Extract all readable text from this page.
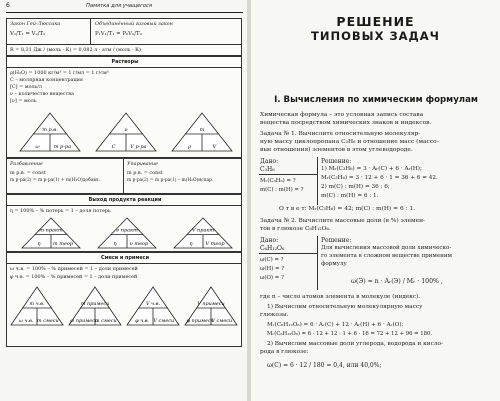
6	Памятка для учащегося
Закон Гей-Люссака
V₁/T₁ = V₂/T₂
Объединённый газовый закон
P₁V₁/T₁ = P₀V₀/T₀
R = 8,31 Дж / (моль · К) = 0,082 л · атм / (моль · К)
Растворы
ρ(H₂O) = 1000 кг/м³ = 1 г/мл = 1 г/см³
C – молярная концентрация
[C] = моль/л
ν – количество вещества
[ν] = моль
m р.в.
ω	m р-ра
ν
C	V р-ра
m
ρ	V
Разбавление
m р.в. = const
m р-ра(2) = m р-ра(1) + m(H₂O)добавл.
Упаривание
m р.в. = const
m р-ра(2) = m р-ра(1) – m(H₂O)испар.
Выход продукта реакции
η = 100% – % потерь = 1 – доля потерь
m практ
η m теор
ν практ
η	ν теор
V практ
η	V теор
Смеси и примеси
ω ч.в. = 100% – % примесей = 1 – доли примесей
φ ч.в. = 100% – % примесей = 1 – доли примесей
m ч.в.
ω ч.в. m смеси
m примеси
ω примеси
m смеси
V ч.в.
φ ч.в. V смеси
V примеси
φ примеси
V смеси
РЕШЕНИЕ
ТИПОВЫХ ЗАДАЧ
I. Вычисления по химическим формулам
Химическая формула – это условная запись состава
вещества посредством химических знаков и индексов.
Задача № 1. Вычислите относительную молекуляр-
ную массу циклопропана C₃H₆ и отношение масс (массо-
вые отношения) элементов в этом углеводороде.
Дано:
C₃H₆
Mᵣ(C₃H₆) = ?
m(C) : m(H) = ?
Решение:
1) Mᵣ(C₃H₆) = 3 · Aᵣ(C) + 6 · Aᵣ(H);
Mᵣ(C₃H₆) = 3 · 12 + 6 · 1 = 36 + 6 = 42.
2) m(C) : m(H) = 36 : 6;
m(C) : m(H) = 6 : 1.
О т в е т: Mᵣ(C₃H₆) = 42; m(C) : m(H) = 6 : 1.
Задача № 2. Вычислите массовые доли (в %) элемен-
тов в глюкозе C₆H₁₂O₆.
Дано:
C₆H₁₂O₆
ω(C) = ?
ω(H) = ?
ω(O) = ?
Решение:
Для вычисления массовой доли химическо-
го элемента в сложном веществе применим
формулу
ω(Э) = n · Aᵣ(Э) / Mᵣ · 100% ,
где n – число атомов элемента в молекуле (индекс).
1) Вычислим относительную молекулярную массу
глюкозы.
Mᵣ(C₆H₁₂O₆) = 6 · Aᵣ(C) + 12 · Aᵣ(H) + 6 · Aᵣ(O);
Mᵣ(C₆H₁₂O₆) = 6 · 12 + 12 · 1 + 6 · 16 = 72 + 12 + 96 = 180.
2) Вычислим массовые доли углерода, водорода и кисло-
рода в глюкозе:
ω(C) = 6 · 12 / 180 = 0,4, или 40,0%;
